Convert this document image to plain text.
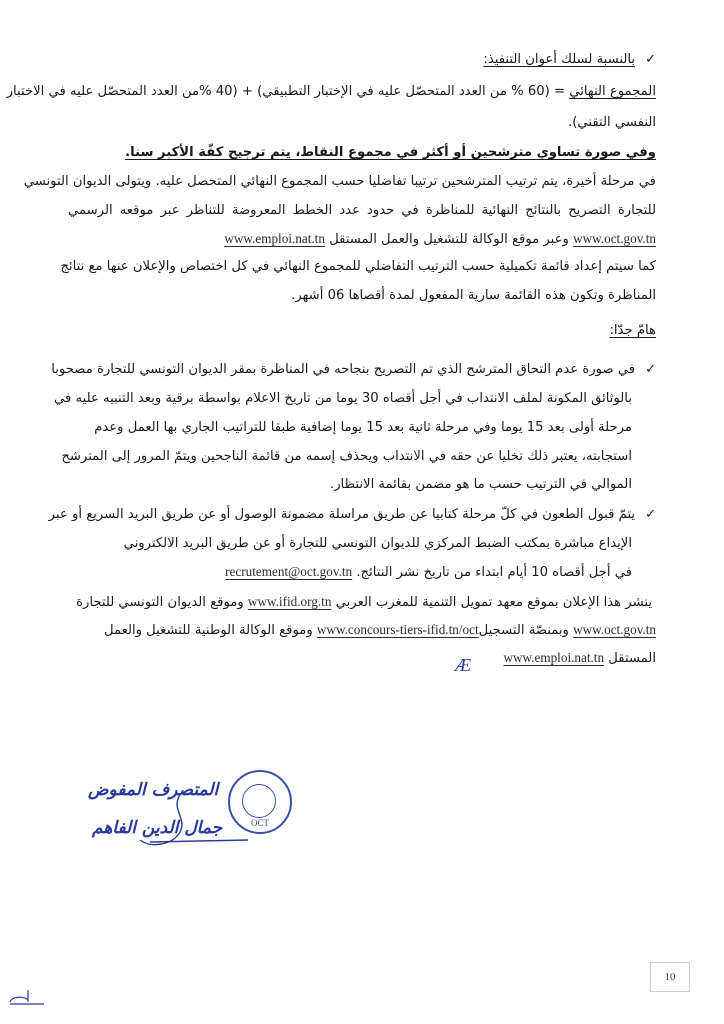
✓بالنسبة لسلك أعوان التنفيذ:
المجموع النهائي = (60 % من العدد المتحصّل عليه في الإختبار التطبيقي) + (40 %من العدد المتحصّل عليه في الاختبار
النفسي التقني).
وفي صورة تساوي مترشحين أو أكثر في مجموع النقاط، يتم ترجيح كفّة الأكبر سنا.
في مرحلة أخيرة، يتم ترتيب المترشحين ترتيبا تفاضليا حسب المجموع النهائي المتحصل عليه. ويتولى الديوان التونسي
للتجارة التصريح بالنتائج النهائية للمناظرة في حدود عدد الخطط المعروضة للتناظر عبر موقعه الرسمي
www.oct.gov.tn وعبر موقع الوكالة للتشغيل والعمل المستقل www.emploi.nat.tn
كما سيتم إعداد قائمة تكميلية حسب الترتيب التفاضلي للمجموع النهائي في كل اختصاص والإعلان عنها مع نتائج
المناظرة وتكون هذه القائمة سارية المفعول لمدة أقصاها 06 أشهر.
هامّ جدّا:
✓في صورة عدم التحاق المترشح الذي تم التصريح بنجاحه في المناظرة بمقر الديوان التونسي للتجارة مصحوبا
بالوثائق المكونة لملف الانتداب في أجل أقصاه 30 يوما من تاريخ الاعلام بواسطة برقية وبعد التنبيه عليه في
مرحلة أولى بعد 15 يوما وفي مرحلة ثانية بعد 15 يوما إضافية طبقا للتراتيب الجاري بها العمل وعدم
استجابته، يعتبر ذلك تخليا عن حقه في الانتداب ويحذف إسمه من قائمة الناجحين ويتمّ المرور إلى المترشح
الموالي في الترتيب حسب ما هو مضمن بقائمة الانتظار.
✓يتمّ قبول الطعون في كلّ مرحلة كتابيا عن طريق مراسلة مضمونة الوصول أو عن طريق البريد السريع أو عبر
الإيداع مباشرة بمكتب الضبط المركزي للديوان التونسي للتجارة أو عن طريق البريد الالكتروني
في أجل أقصاه 10 أيام ابتداء من تاريخ نشر النتائج. recrutement@oct.gov.tn
ينشر هذا الإعلان بموقع معهد تمويل التنمية للمغرب العربي www.ifid.org.tn وموقع الديوان التونسي للتجارة
www.oct.gov.tn وبمنصّة التسجيلwww.concours-tiers-ifid.tn/oct وموقع الوكالة الوطنية للتشغيل والعمل
المستقل www.emploi.nat.tn
Æ
المتصرف المفوض
جمال الدين الفاهم	OCT
10
